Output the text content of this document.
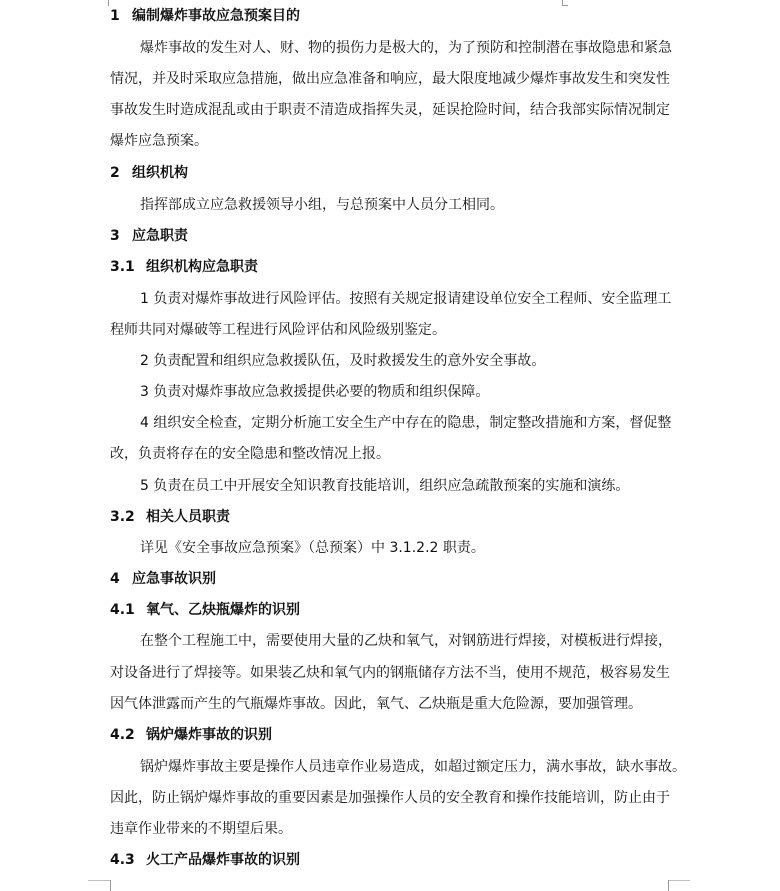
1 编制爆炸事故应急预案目的
爆炸事故的发生对人、财、物的损伤力是极大的，为了预防和控制潜在事故隐患和紧急
情况，并及时采取应急措施，做出应急准备和响应，最大限度地减少爆炸事故发生和突发性
事故发生时造成混乱或由于职责不清造成指挥失灵，延误抢险时间，结合我部实际情况制定
爆炸应急预案。
2 组织机构
指挥部成立应急救援领导小组，与总预案中人员分工相同。
3 应急职责
3.1 组织机构应急职责
1 负责对爆炸事故进行风险评估。按照有关规定报请建设单位安全工程师、安全监理工
程师共同对爆破等工程进行风险评估和风险级别鉴定。
2 负责配置和组织应急救援队伍，及时救援发生的意外安全事故。
3 负责对爆炸事故应急救援提供必要的物质和组织保障。
4 组织安全检查，定期分析施工安全生产中存在的隐患，制定整改措施和方案，督促整
改，负责将存在的安全隐患和整改情况上报。
5 负责在员工中开展安全知识教育技能培训，组织应急疏散预案的实施和演练。
3.2 相关人员职责
详见《安全事故应急预案》（总预案）中 3.1.2.2 职责。
4 应急事故识别
4.1 氧气、乙炔瓶爆炸的识别
在整个工程施工中，需要使用大量的乙炔和氧气，对钢筋进行焊接，对模板进行焊接，
对设备进行了焊接等。如果装乙炔和氧气内的钢瓶储存方法不当，使用不规范，极容易发生
因气体泄露而产生的气瓶爆炸事故。因此，氧气、乙炔瓶是重大危险源，要加强管理。
4.2 锅炉爆炸事故的识别
锅炉爆炸事故主要是操作人员违章作业易造成，如超过额定压力，满水事故，缺水事故。
因此，防止锅炉爆炸事故的重要因素是加强操作人员的安全教育和操作技能培训，防止由于
违章作业带来的不期望后果。
4.3 火工产品爆炸事故的识别
